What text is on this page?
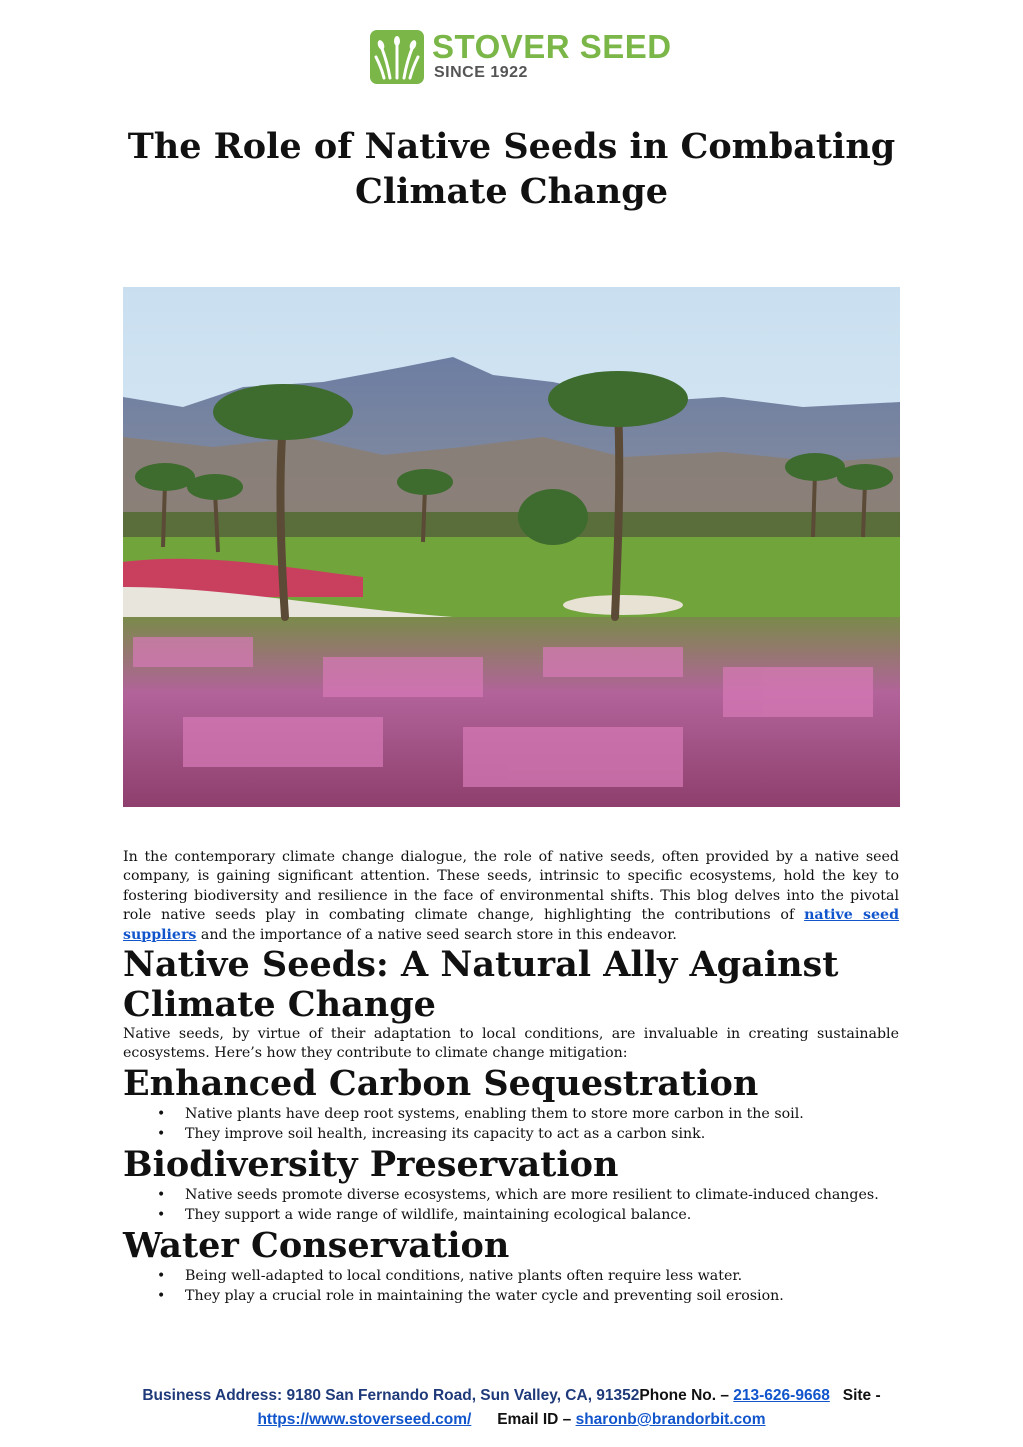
STOVER SEED
SINCE 1922
The Role of Native Seeds in Combating
Climate Change

In the contemporary climate change dialogue, the role of native seeds, often provided by a native seed company, is gaining significant attention. These seeds, intrinsic to specific ecosystems, hold the key to fostering biodiversity and resilience in the face of environmental shifts. This blog delves into the pivotal role native seeds play in combating climate change, highlighting the contributions of native seed suppliers and the importance of a native seed search store in this endeavor.

Native Seeds: A Natural Ally Against
Climate Change

Native seeds, by virtue of their adaptation to local conditions, are invaluable in creating sustainable ecosystems. Here’s how they contribute to climate change mitigation:

Enhanced Carbon Sequestration
• Native plants have deep root systems, enabling them to store more carbon in the soil.
• They improve soil health, increasing its capacity to act as a carbon sink.
Biodiversity Preservation
• Native seeds promote diverse ecosystems, which are more resilient to climate-induced changes.
• They support a wide range of wildlife, maintaining ecological balance.
Water Conservation
• Being well-adapted to local conditions, native plants often require less water.
• They play a crucial role in maintaining the water cycle and preventing soil erosion.
Business Address: 9180 San Fernando Road, Sun Valley, CA, 91352Phone No. – 213-626-9668 Site - https://www.stoverseed.com/ Email ID – sharonb@brandorbit.com
